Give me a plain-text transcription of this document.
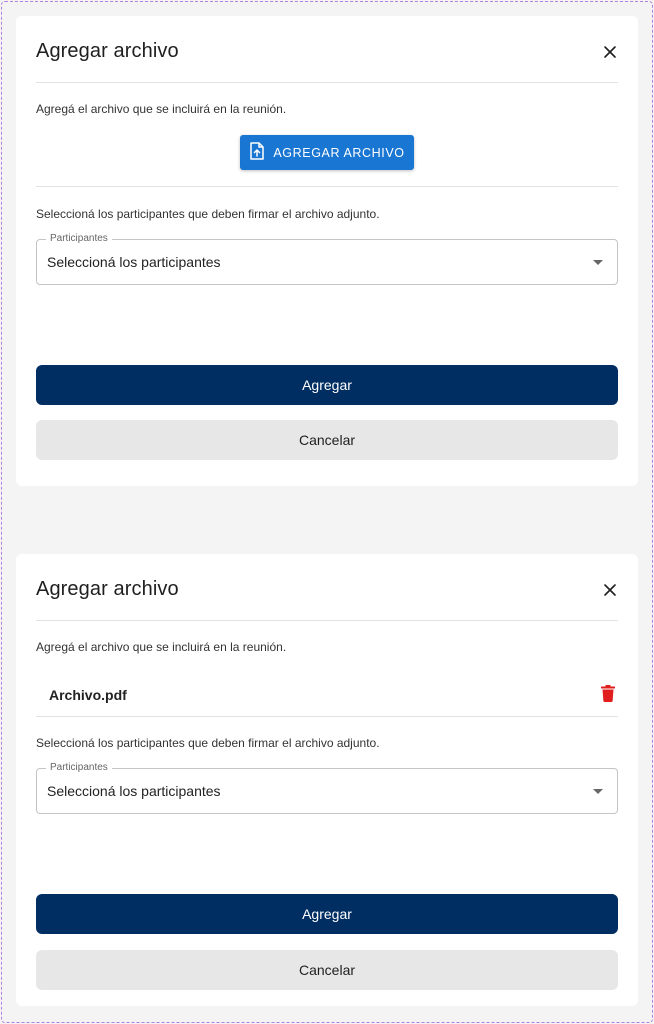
Agregar archivo
Agregá el archivo que se incluirá en la reunión.
AGREGAR ARCHIVO
Seleccioná los participantes que deben firmar el archivo adjunto.
Participantes
Seleccioná los participantes
Agregar
Cancelar
Agregar archivo
Agregá el archivo que se incluirá en la reunión.
Archivo.pdf
Seleccioná los participantes que deben firmar el archivo adjunto.
Participantes
Seleccioná los participantes
Agregar
Cancelar
